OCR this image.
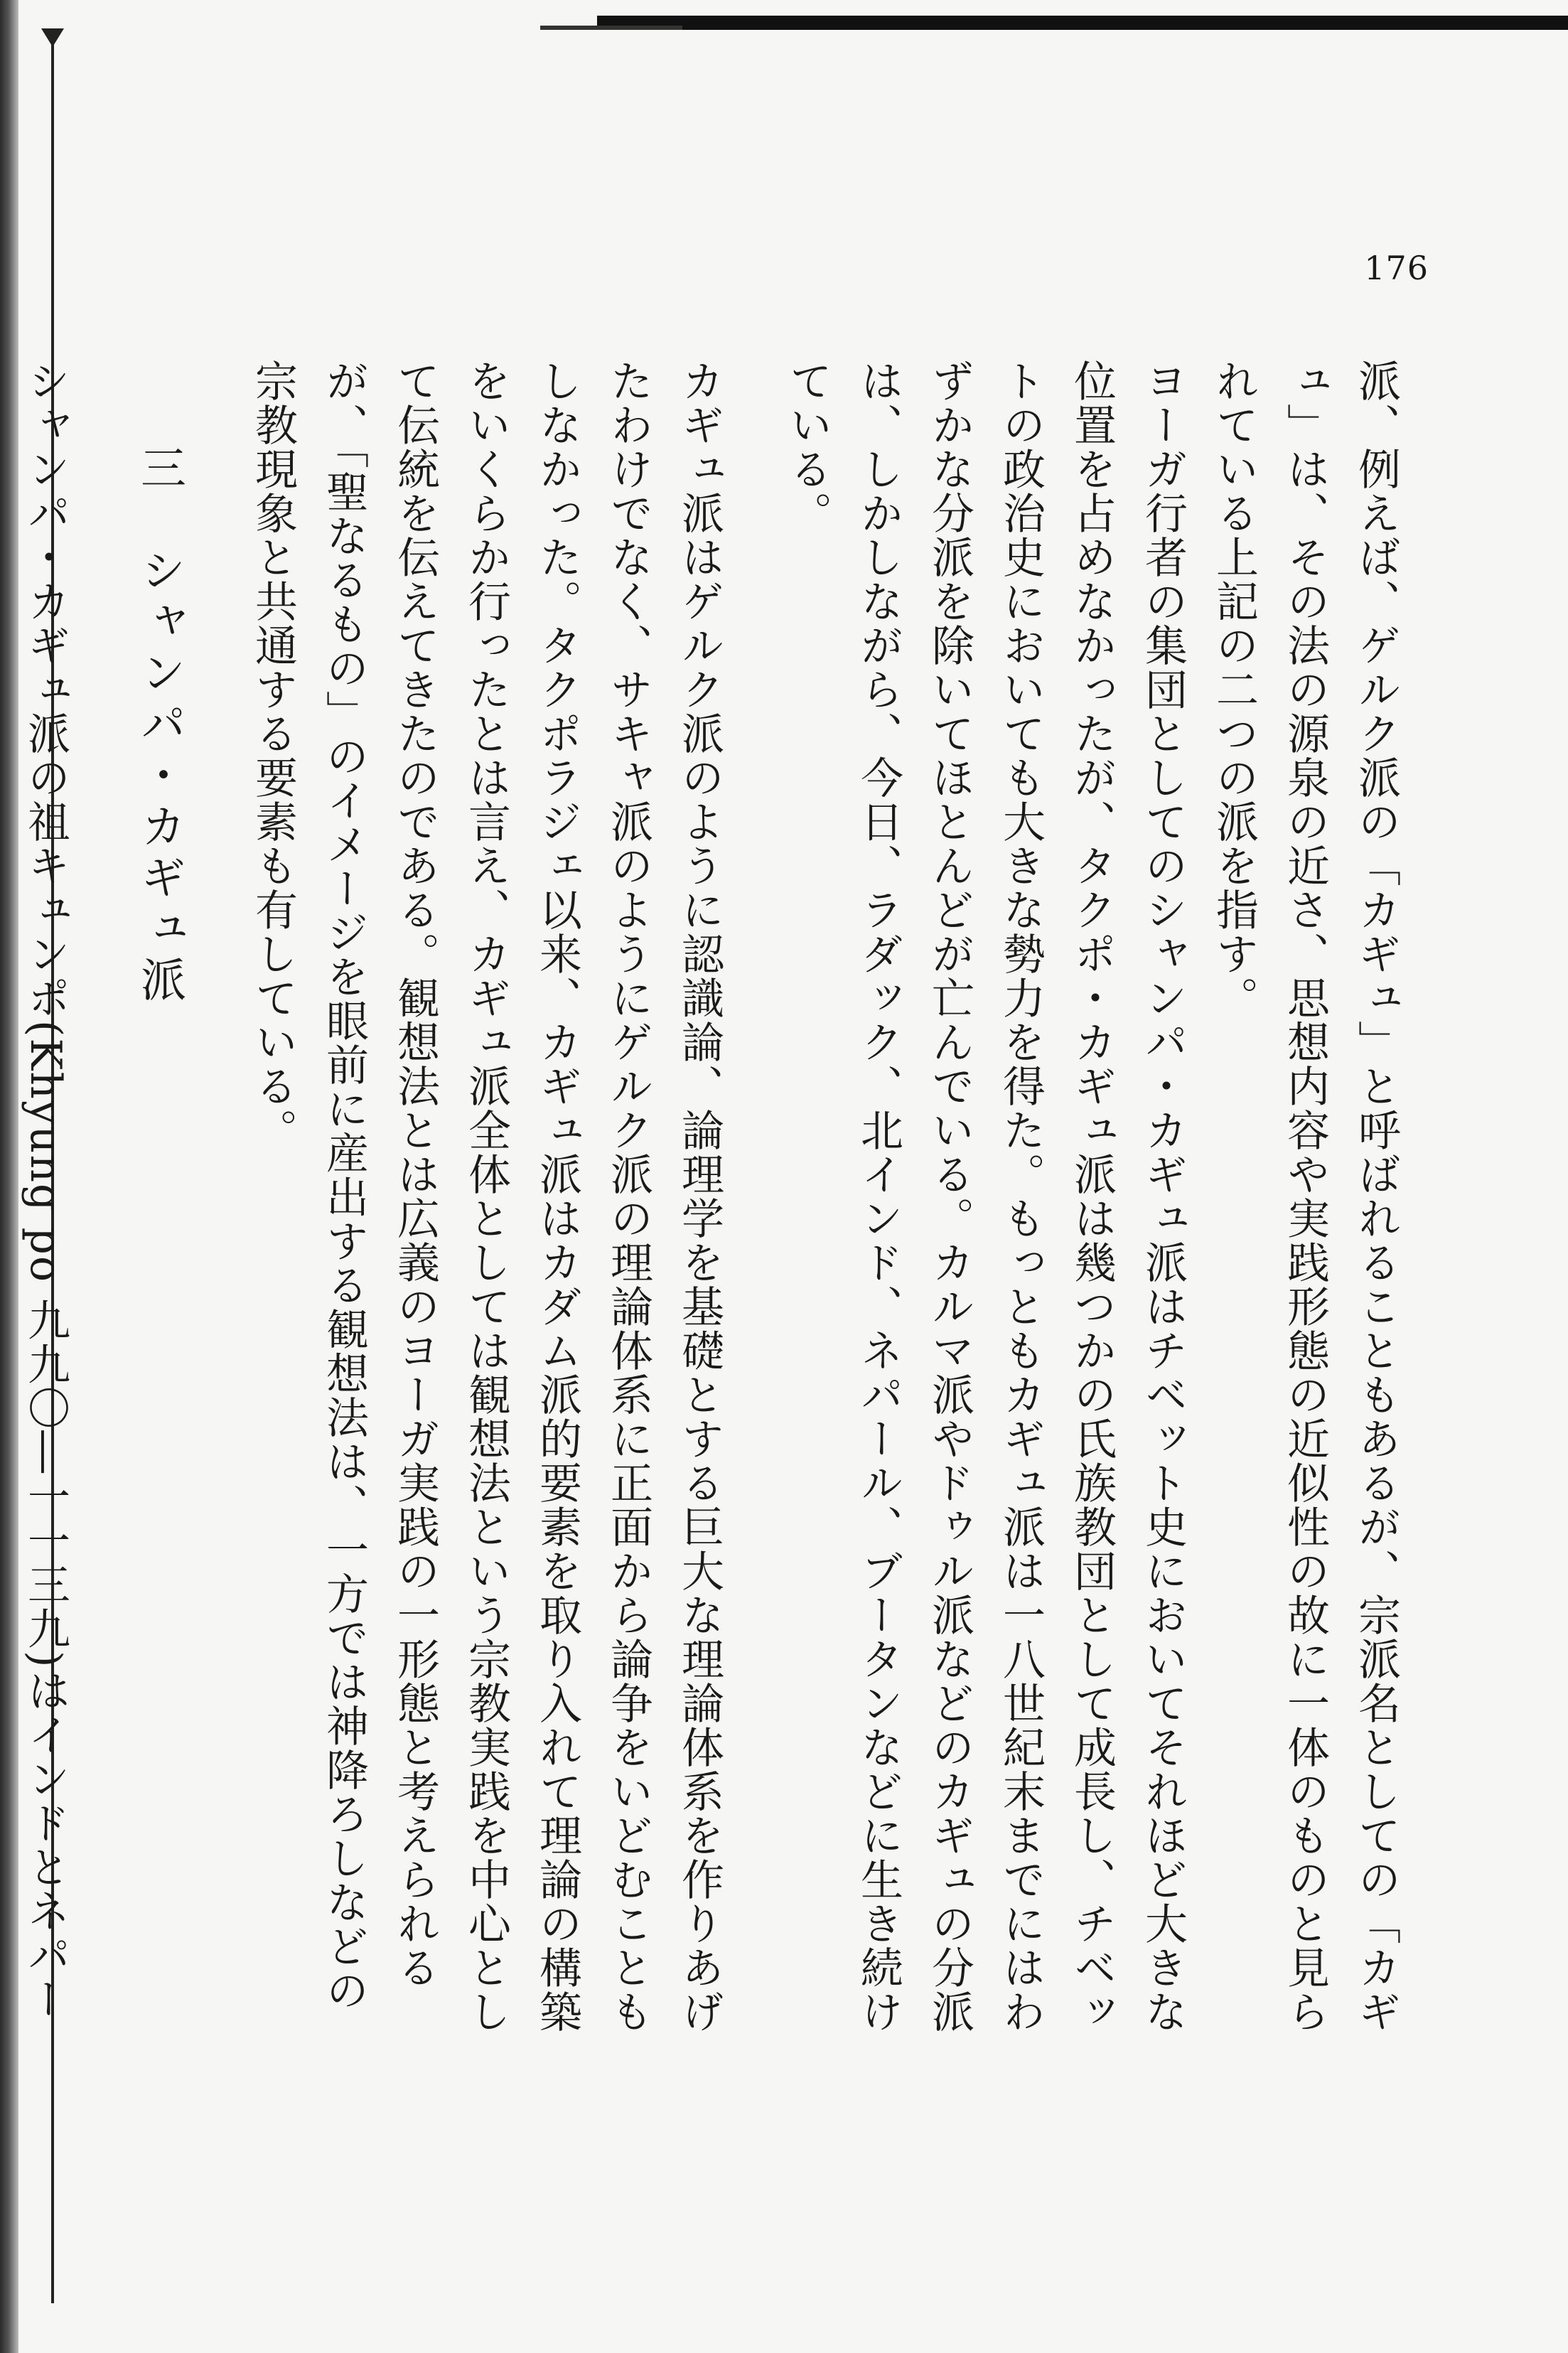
176

派、例えば、ゲルク派の「カギュ」と呼ばれることもあるが、宗派名としての「カギュ」は、その法の源泉の近さ、思想内容や実践形態の近似性の故に一体のものと見られている上記の二つの派を指す。

ヨーガ行者の集団としてのシャンパ・カギュ派はチベット史においてそれほど大きな位置を占めなかったが、タクポ・カギュ派は幾つかの氏族教団として成長し、チベットの政治史においても大きな勢力を得た。もっともカギュ派は一八世紀末までにはわずかな分派を除いてほとんどが亡んでいる。カルマ派やドゥル派などのカギュの分派は、しかしながら、今日、ラダック、北インド、ネパール、ブータンなどに生き続けている。

カギュ派はゲルク派のように認識論、論理学を基礎とする巨大な理論体系を作りあげたわけでなく、サキャ派のようにゲルク派の理論体系に正面から論争をいどむこともしなかった。タクポラジェ以来、カギュ派はカダム派的要素を取り入れて理論の構築をいくらか行ったとは言え、カギュ派全体としては観想法という宗教実践を中心として伝統を伝えてきたのである。観想法とは広義のヨーガ実践の一形態と考えられるが、「聖なるもの」のイメージを眼前に産出する観想法は、一方では神降ろしなどの宗教現象と共通する要素も有している。

三　シャンパ・カギュ派

シャンパ・カギュ派の祖キュンポ(Khyung po 九九〇―一一三九)はインドとネパー
